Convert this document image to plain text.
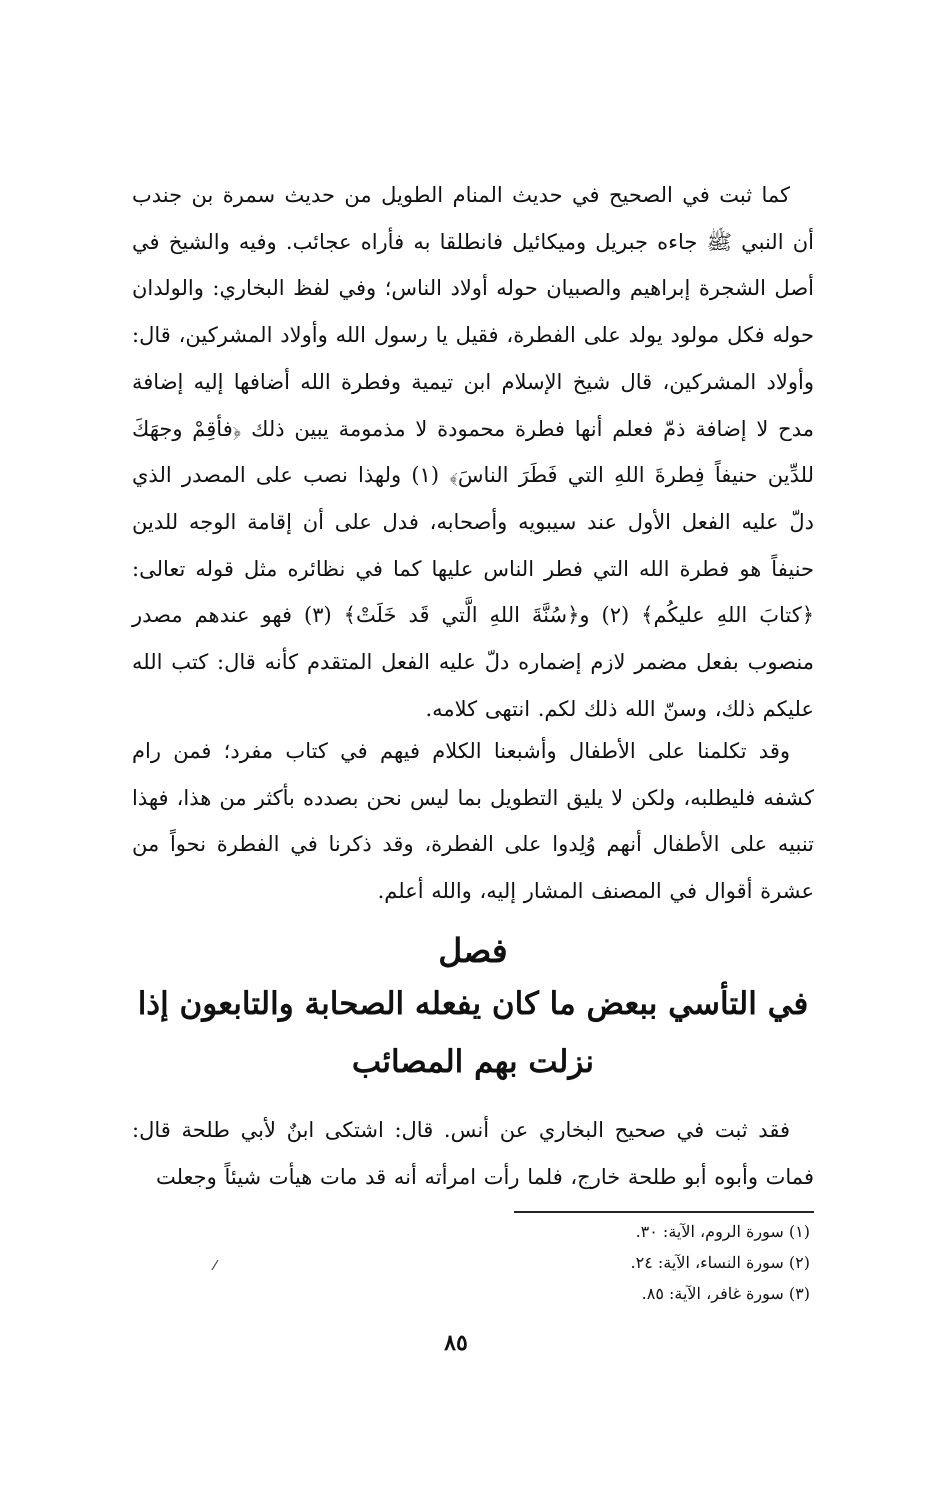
كما ثبت في الصحيح في حديث المنام الطويل من حديث سمرة بن جندب أن النبي ﷺ جاءه جبريل وميكائيل فانطلقا به فأراه عجائب. وفيه والشيخ في أصل الشجرة إبراهيم والصبيان حوله أولاد الناس؛ وفي لفظ البخاري: والولدان حوله فكل مولود يولد على الفطرة، فقيل يا رسول الله وأولاد المشركين، قال: وأولاد المشركين، قال شيخ الإسلام ابن تيمية وفطرة الله أضافها إليه إضافة مدح لا إضافة ذمّ فعلم أنها فطرة محمودة لا مذمومة يبين ذلك ﴿فأقِمْ وجهَكَ للدِّين حنيفاً فِطرةَ اللهِ التي فَطَرَ الناسَ﴾ (١) ولهذا نصب على المصدر الذي دلّ عليه الفعل الأول عند سيبويه وأصحابه، فدل على أن إقامة الوجه للدين حنيفاً هو فطرة الله التي فطر الناس عليها كما في نظائره مثل قوله تعالى: ﴿كتابَ اللهِ عليكُم﴾ (٢) و﴿سُنَّةَ اللهِ الَّتي قَد خَلَتْ﴾ (٣) فهو عندهم مصدر منصوب بفعل مضمر لازم إضماره دلّ عليه الفعل المتقدم كأنه قال: كتب الله عليكم ذلك، وسنّ الله ذلك لكم. انتهى كلامه.

وقد تكلمنا على الأطفال وأشبعنا الكلام فيهم في كتاب مفرد؛ فمن رام كشفه فليطلبه، ولكن لا يليق التطويل بما ليس نحن بصدده بأكثر من هذا، فهذا تنبيه على الأطفال أنهم وُلِدوا على الفطرة، وقد ذكرنا في الفطرة نحواً من عشرة أقوال في المصنف المشار إليه، والله أعلم.

فصل
في التأسي ببعض ما كان يفعله الصحابة والتابعون إذا نزلت بهم المصائب

فقد ثبت في صحيح البخاري عن أنس. قال: اشتكى ابنٌ لأبي طلحة قال: فمات وأبوه أبو طلحة خارج، فلما رأت امرأته أنه قد مات هيأت شيئاً وجعلت

(١) سورة الروم، الآية: ٣٠.
(٢) سورة النساء، الآية: ٢٤.
(٣) سورة غافر، الآية: ٨٥.
٨٥
